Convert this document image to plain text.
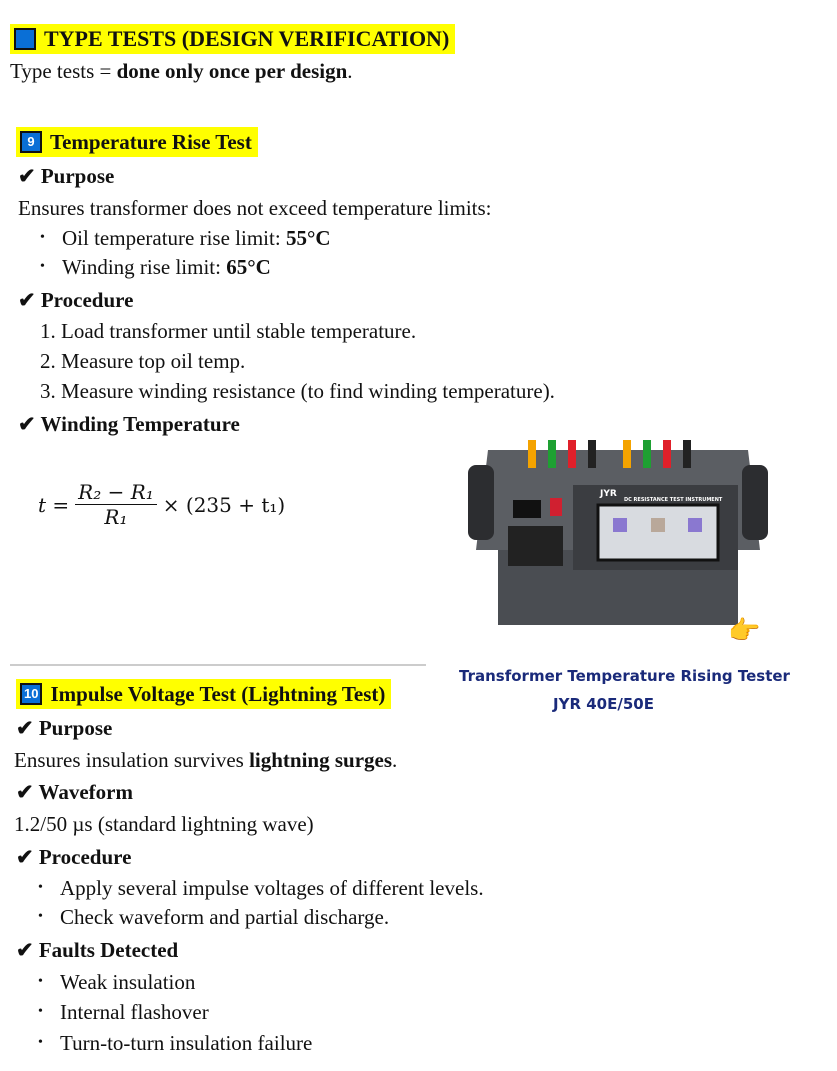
TYPE TESTS (DESIGN VERIFICATION)
Type tests = done only once per design.
9 Temperature Rise Test
✔ Purpose
Ensures transformer does not exceed temperature limits:
• Oil temperature rise limit: 55°C
• Winding rise limit: 65°C
✔ Procedure
1. Load transformer until stable temperature.
2. Measure top oil temp.
3. Measure winding resistance (to find winding temperature).
✔ Winding Temperature
$t = \frac{\text{R₂ − R₁}}{\text{R₁}} \times (235 + t_1)$	JYR
DC RESISTANCE TEST INSTRUMENT
👉
Transformer Temperature Rising Tester
JYR 40E/50E
10 Impulse Voltage Test (Lightning Test)
✔ Purpose
Ensures insulation survives lightning surges.
✔ Waveform
1.2/50 µs (standard lightning wave)
✔ Procedure
• Apply several impulse voltages of different levels.
• Check waveform and partial discharge.
✔ Faults Detected
• Weak insulation
• Internal flashover
• Turn-to-turn insulation failure
